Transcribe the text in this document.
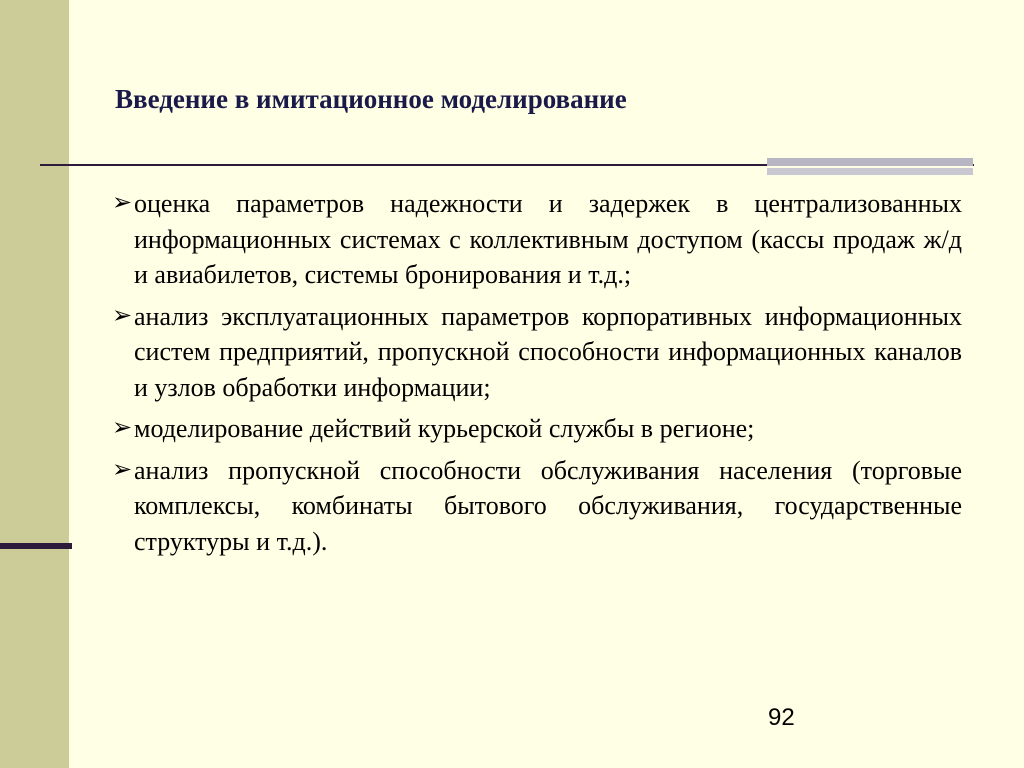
Введение в имитационное моделирование
➢ оценка параметров надежности и задержек в централизованных информационных системах с коллективным доступом (кассы продаж ж/д и авиабилетов, системы бронирования и т.д.;
➢ анализ эксплуатационных параметров корпоративных информационных систем предприятий, пропускной способности информационных каналов и узлов обработки информации;
➢ моделирование действий курьерской службы в регионе;
➢ анализ пропускной способности обслуживания населения (торговые комплексы, комбинаты бытового обслуживания, государственные структуры и т.д.).
92
